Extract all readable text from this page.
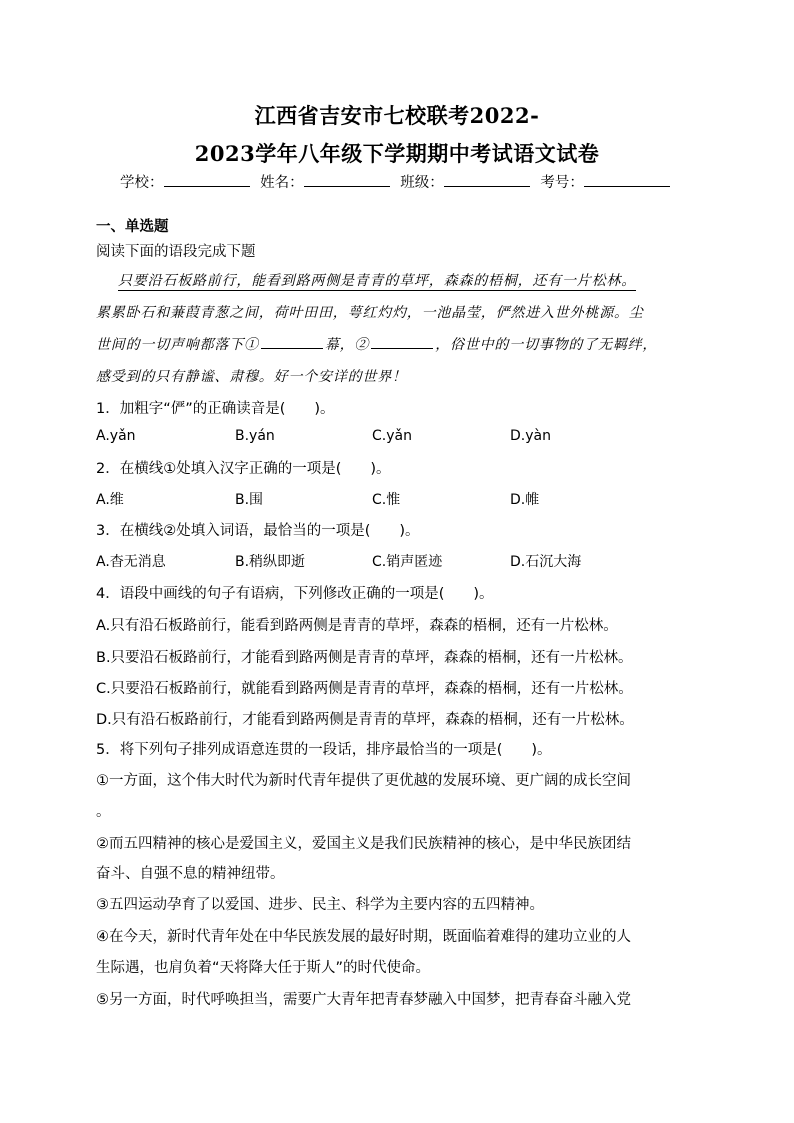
江西省吉安市七校联考2022-
2023学年八年级下学期期中考试语文试卷
学校：	姓名：	班级：	考号：
一、单选题
阅读下面的语段完成下题
只要沿石板路前行，能看到路两侧是青青的草坪，森森的梧桐，还有一片松林。
累累卧石和蒹葭青葱之间，荷叶田田，萼红灼灼，一池晶莹，俨然进入世外桃源。尘
世间的一切声响都落下①	幕，②	，俗世中的一切事物的了无羁绊，
感受到的只有静谧、肃穆。好一个安详的世界！
1．加粗字“俨”的正确读音是(　　)。
A.yǎn	B.yán	C.yǎn	D.yàn
2．在横线①处填入汉字正确的一项是(　　)。
A.维	B.围	C.惟	D.帷
3．在横线②处填入词语，最恰当的一项是(　　)。
A.杳无消息	B.稍纵即逝	C.销声匿迹	D.石沉大海
4．语段中画线的句子有语病，下列修改正确的一项是(　　)。
A.只有沿石板路前行，能看到路两侧是青青的草坪，森森的梧桐，还有一片松林。
B.只要沿石板路前行，才能看到路两侧是青青的草坪，森森的梧桐，还有一片松林。
C.只要沿石板路前行，就能看到路两侧是青青的草坪，森森的梧桐，还有一片松林。
D.只有沿石板路前行，才能看到路两侧是青青的草坪，森森的梧桐，还有一片松林。
5．将下列句子排列成语意连贯的一段话，排序最恰当的一项是(　　)。
①一方面，这个伟大时代为新时代青年提供了更优越的发展环境、更广阔的成长空间
。
②而五四精神的核心是爱国主义，爱国主义是我们民族精神的核心，是中华民族团结
奋斗、自强不息的精神纽带。
③五四运动孕育了以爱国、进步、民主、科学为主要内容的五四精神。
④在今天，新时代青年处在中华民族发展的最好时期，既面临着难得的建功立业的人
生际遇，也肩负着“天将降大任于斯人”的时代使命。
⑤另一方面，时代呼唤担当，需要广大青年把青春梦融入中国梦，把青春奋斗融入党
